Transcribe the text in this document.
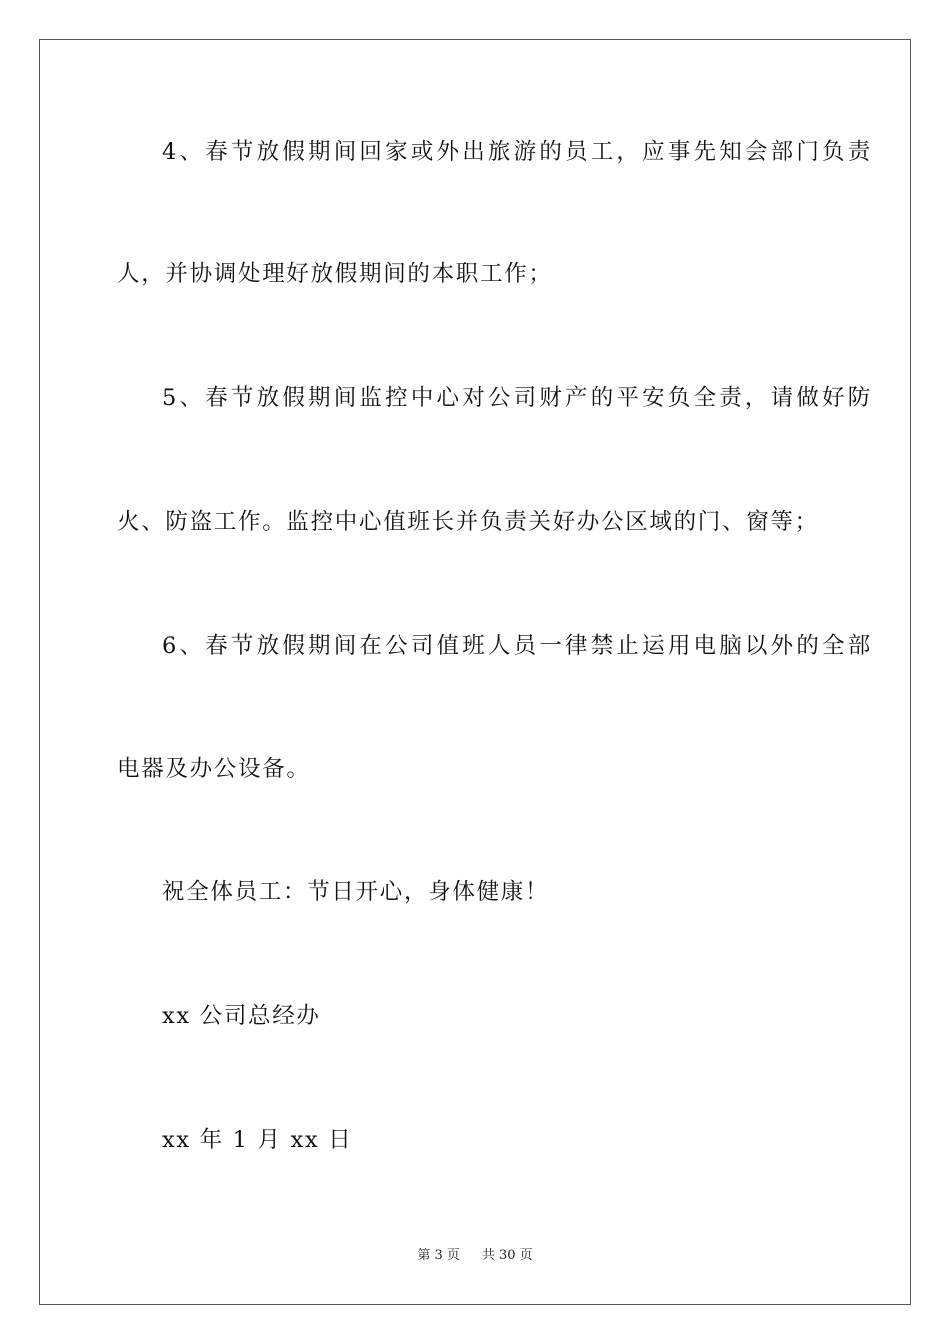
4、春节放假期间回家或外出旅游的员工，应事先知会部门负责
人，并协调处理好放假期间的本职工作；
5、春节放假期间监控中心对公司财产的平安负全责，请做好防
火、防盗工作。监控中心值班长并负责关好办公区域的门、窗等；
6、春节放假期间在公司值班人员一律禁止运用电脑以外的全部
电器及办公设备。
祝全体员工：节日开心，身体健康！
xx 公司总经办
xx 年 1 月 xx 日
第 3 页 共 30 页
